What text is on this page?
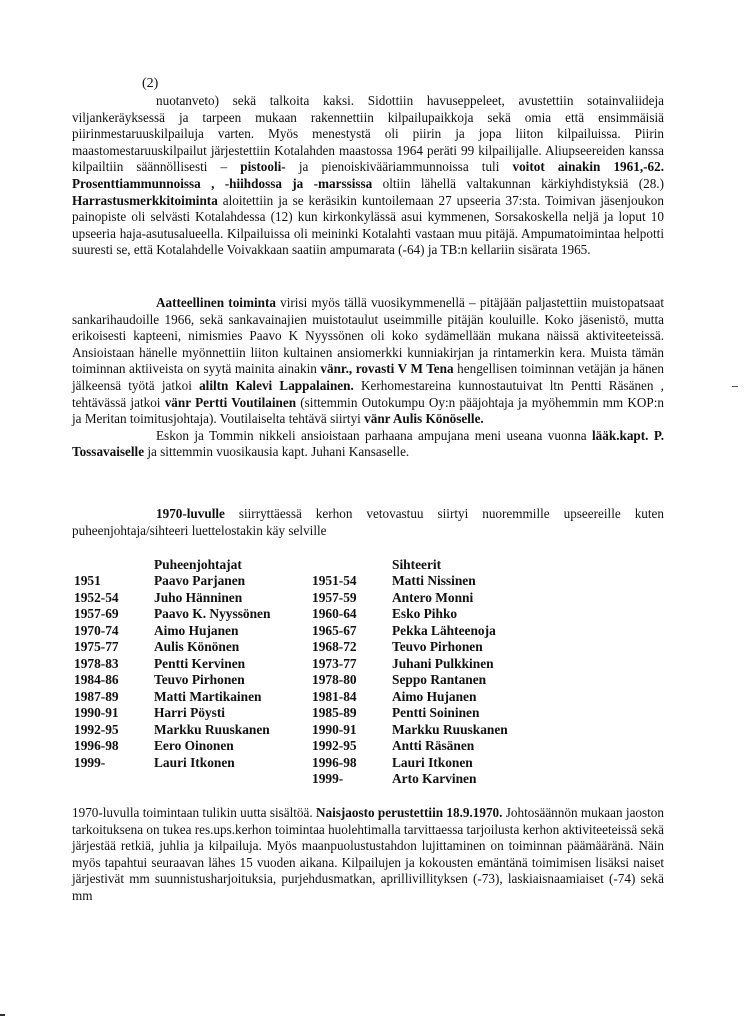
(2)

nuotanveto) sekä talkoita kaksi. Sidottiin havuseppeleet, avustettiin sotainvaliideja viljankeräyksessä ja tarpeen mukaan rakennettiin kilpailupaikkoja sekä omia että ensimmäisiä piirinmestaruuskilpailuja varten. Myös menestystä oli piirin ja jopa liiton kilpailuissa. Piirin maastomestaruuskilpailut järjestettiin Kotalahden maastossa 1964 peräti 99 kilpailijalle. Aliupseereiden kanssa kilpailtiin säännöllisesti – pistooli- ja pienoiskivääriammunnoissa tuli voitot ainakin 1961,-62. Prosenttiammunnoissa , -hiihdossa ja -marssissa oltiin lähellä valtakunnan kärkiyhdistyksiä (28.) Harrastusmerkkitoiminta aloitettiin ja se keräsikin kuntoilemaan 27 upseeria 37:sta. Toimivan jäsenjoukon painopiste oli selvästi Kotalahdessa (12) kun kirkonkylässä asui kymmenen, Sorsakoskella neljä ja loput 10 upseeria haja-asutusalueella. Kilpailuissa oli meininki Kotalahti vastaan muu pitäjä. Ampumatoimintaa helpotti suuresti se, että Kotalahdelle Voivakkaan saatiin ampumarata (-64) ja TB:n kellariin sisärata 1965.

Aatteellinen toiminta virisi myös tällä vuosikymmenellä – pitäjään paljastettiin muistopatsaat sankarihaudoille 1966, sekä sankavainajien muistotaulut useimmille pitäjän kouluille. Koko jäsenistö, mutta erikoisesti kapteeni, nimismies Paavo K Nyyssönen oli koko sydämellään mukana näissä aktiviteeteissä. Ansioistaan hänelle myönnettiin liiton kultainen ansiomerkki kunniakirjan ja rintamerkin kera. Muista tämän toiminnan aktiiveista on syytä mainita ainakin vänr., rovasti V M Tena hengellisen toiminnan vetäjän ja hänen jälkeensä työtä jatkoi aliltn Kalevi Lappalainen. Kerhomestareina kunnostautuivat ltn Pentti Räsänen , tehtävässä jatkoi vänr Pertti Voutilainen (sittemmin Outokumpu Oy:n pääjohtaja ja myöhemmin mm KOP:n ja Meritan toimitusjohtaja). Voutilaiselta tehtävä siirtyi vänr Aulis Könöselle.
Eskon ja Tommin nikkeli ansioistaan parhaana ampujana meni useana vuonna lääk.kapt. P. Tossavaiselle ja sittemmin vuosikausia kapt. Juhani Kansaselle.

1970-luvulle siirryttäessä kerhon vetovastuu siirtyi nuoremmille upseereille kuten puheenjohtaja/sihteeri luettelostakin käy selville

Puheenjohtajat
1951	Paavo Parjanen
1952-54	Juho Hänninen
1957-69	Paavo K. Nyyssönen
1970-74	Aimo Hujanen
1975-77	Aulis Könönen
1978-83	Pentti Kervinen
1984-86	Teuvo Pirhonen
1987-89	Matti Martikainen
1990-91	Harri Pöysti
1992-95	Markku Ruuskanen
1996-98	Eero Oinonen
1999-	Lauri Itkonen
Sihteerit
1951-54	Matti Nissinen
1957-59	Antero Monni
1960-64	Esko Pihko
1965-67	Pekka Lähteenoja
1968-72	Teuvo Pirhonen
1973-77	Juhani Pulkkinen
1978-80	Seppo Rantanen
1981-84	Aimo Hujanen
1985-89	Pentti Soininen
1990-91	Markku Ruuskanen
1992-95	Antti Räsänen
1996-98	Lauri Itkonen
1999-	Arto Karvinen

1970-luvulla toimintaan tulikin uutta sisältöä. Naisjaosto perustettiin 18.9.1970. Johtosäännön mukaan jaoston tarkoituksena on tukea res.ups.kerhon toimintaa huolehtimalla tarvittaessa tarjoilusta kerhon aktiviteeteissä sekä järjestää retkiä, juhlia ja kilpailuja. Myös maanpuolustustahdon lujittaminen on toiminnan päämääränä. Näin myös tapahtui seuraavan lähes 15 vuoden aikana. Kilpailujen ja kokousten emäntänä toimimisen lisäksi naiset järjestivät mm suunnistusharjoituksia, purjehdusmatkan, aprillivillityksen (-73), laskiaisnaamiaiset (-74) sekä mm
